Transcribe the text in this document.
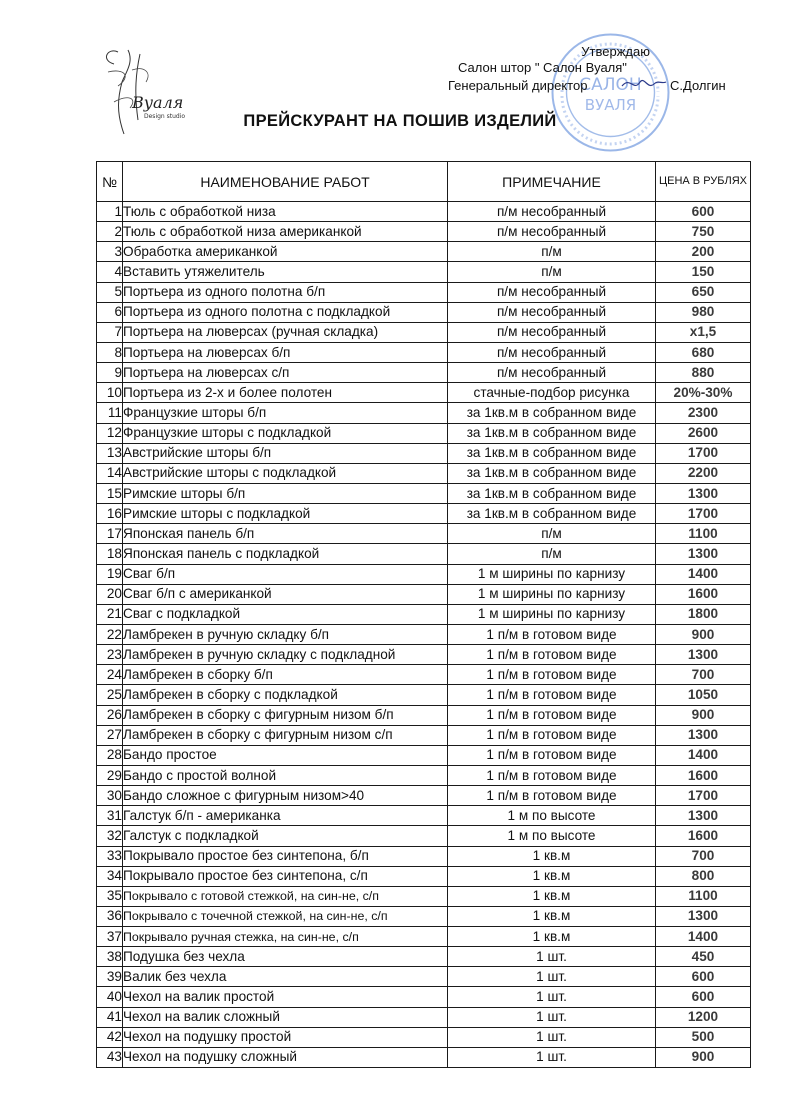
Вуаля
Design studio
САЛОН
ВУАЛЯ
Утверждаю
Салон штор " Салон Вуаля"
Генеральный директор	С.Долгин
ПРЕЙСКУРАНТ НА ПОШИВ ИЗДЕЛИЙ
№	НАИМЕНОВАНИЕ РАБОТ	ПРИМЕЧАНИЕ	ЦЕНА В РУБЛЯХ
1	Тюль с обработкой низа	п/м несобранный	600
2	Тюль с обработкой низа американкой	п/м несобранный	750
3	Обработка американкой	п/м	200
4	Вставить утяжелитель	п/м	150
5	Портьера из одного полотна б/п	п/м несобранный	650
6	Портьера из одного полотна с подкладкой	п/м несобранный	980
7	Портьера на люверсах (ручная складка)	п/м несобранный	x1,5
8	Портьера на люверсах б/п	п/м несобранный	680
9	Портьера на люверсах с/п	п/м несобранный	880
10	Портьера из 2-х и более полотен	стачные-подбор рисунка	20%-30%
11	Французкие шторы б/п	за 1кв.м в собранном виде	2300
12	Французкие шторы с подкладкой	за 1кв.м в собранном виде	2600
13	Австрийские шторы б/п	за 1кв.м в собранном виде	1700
14	Австрийские шторы с подкладкой	за 1кв.м в собранном виде	2200
15	Римские шторы б/п	за 1кв.м в собранном виде	1300
16	Римские шторы с подкладкой	за 1кв.м в собранном виде	1700
17	Японская панель б/п	п/м	1100
18	Японская панель с подкладкой	п/м	1300
19	Сваг б/п	1 м ширины по карнизу	1400
20	Сваг б/п с американкой	1 м ширины по карнизу	1600
21	Сваг с подкладкой	1 м ширины по карнизу	1800
22	Ламбрекен в ручную складку б/п	1 п/м в готовом виде	900
23	Ламбрекен в ручную складку с подкладной	1 п/м в готовом виде	1300
24	Ламбрекен в сборку б/п	1 п/м в готовом виде	700
25	Ламбрекен в сборку с подкладкой	1 п/м в готовом виде	1050
26	Ламбрекен в сборку с фигурным низом б/п	1 п/м в готовом виде	900
27	Ламбрекен в сборку с фигурным низом с/п	1 п/м в готовом виде	1300
28	Бандо простое	1 п/м в готовом виде	1400
29	Бандо с простой волной	1 п/м в готовом виде	1600
30	Бандо сложное с фигурным низом>40	1 п/м в готовом виде	1700
31	Галстук б/п - американка	1 м по высоте	1300
32	Галстук с подкладкой	1 м по высоте	1600
33	Покрывало простое без синтепона, б/п	1 кв.м	700
34	Покрывало простое без синтепона, с/п	1 кв.м	800
35	Покрывало с готовой стежкой, на син-не, с/п	1 кв.м	1100
36	Покрывало с точечной стежкой, на син-не, с/п	1 кв.м	1300
37	Покрывало ручная стежка, на син-не, с/п	1 кв.м	1400
38	Подушка без чехла	1 шт.	450
39	Валик без чехла	1 шт.	600
40	Чехол на валик простой	1 шт.	600
41	Чехол на валик сложный	1 шт.	1200
42	Чехол на подушку простой	1 шт.	500
43	Чехол на подушку сложный	1 шт.	900
